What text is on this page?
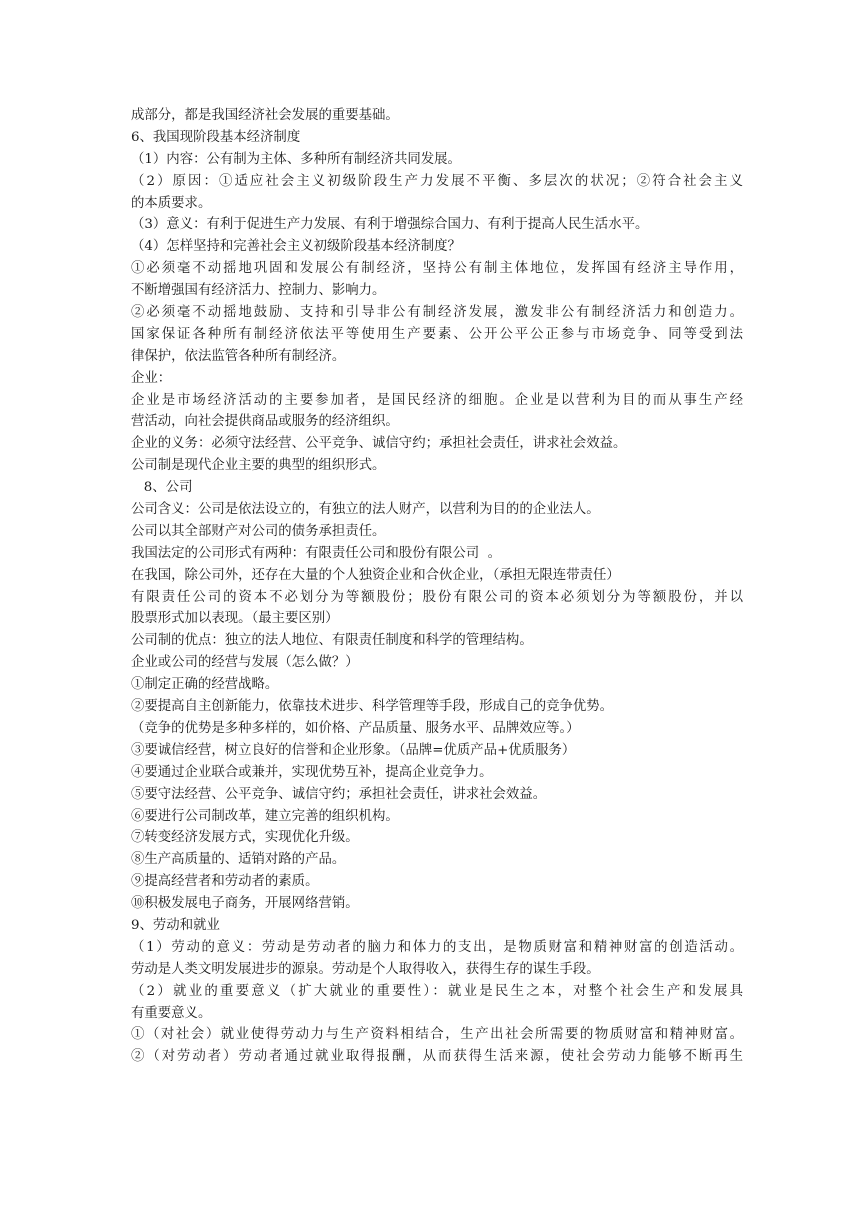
成部分，都是我国经济社会发展的重要基础。
6、我国现阶段基本经济制度
（1）内容：公有制为主体、多种所有制经济共同发展。
（2）原因：①适应社会主义初级阶段生产力发展不平衡、多层次的状况；②符合社会主义
的本质要求。
（3）意义：有利于促进生产力发展、有利于增强综合国力、有利于提高人民生活水平。
（4）怎样坚持和完善社会主义初级阶段基本经济制度？
①必须毫不动摇地巩固和发展公有制经济，坚持公有制主体地位，发挥国有经济主导作用，
不断增强国有经济活力、控制力、影响力。
②必须毫不动摇地鼓励、支持和引导非公有制经济发展，激发非公有制经济活力和创造力。
国家保证各种所有制经济依法平等使用生产要素、公开公平公正参与市场竞争、同等受到法
律保护，依法监管各种所有制经济。
企业：
企业是市场经济活动的主要参加者，是国民经济的细胞。企业是以营利为目的而从事生产经
营活动，向社会提供商品或服务的经济组织。
企业的义务：必须守法经营、公平竞争、诚信守约；承担社会责任，讲求社会效益。
公司制是现代企业主要的典型的组织形式。
8、公司
公司含义：公司是依法设立的，有独立的法人财产，以营利为目的的企业法人。
公司以其全部财产对公司的债务承担责任。
我国法定的公司形式有两种：有限责任公司和股份有限公司  。
在我国，除公司外，还存在大量的个人独资企业和合伙企业，（承担无限连带责任）
有限责任公司的资本不必划分为等额股份；股份有限公司的资本必须划分为等额股份，并以
股票形式加以表现。（最主要区别）
公司制的优点：独立的法人地位、有限责任制度和科学的管理结构。
企业或公司的经营与发展（怎么做？）
①制定正确的经营战略。
②要提高自主创新能力，依靠技术进步、科学管理等手段，形成自己的竞争优势。
（竞争的优势是多种多样的，如价格、产品质量、服务水平、品牌效应等。）
③要诚信经营，树立良好的信誉和企业形象。（品牌=优质产品+优质服务）
④要通过企业联合或兼并，实现优势互补，提高企业竞争力。
⑤要守法经营、公平竞争、诚信守约；承担社会责任，讲求社会效益。
⑥要进行公司制改革，建立完善的组织机构。
⑦转变经济发展方式，实现优化升级。
⑧生产高质量的、适销对路的产品。
⑨提高经营者和劳动者的素质。
⑩积极发展电子商务，开展网络营销。
9、劳动和就业
（1）劳动的意义：劳动是劳动者的脑力和体力的支出，是物质财富和精神财富的创造活动。
劳动是人类文明发展进步的源泉。劳动是个人取得收入，获得生存的谋生手段。
（2）就业的重要意义（扩大就业的重要性）：就业是民生之本，对整个社会生产和发展具
有重要意义。
①（对社会）就业使得劳动力与生产资料相结合，生产出社会所需要的物质财富和精神财富。
②（对劳动者）劳动者通过就业取得报酬，从而获得生活来源，使社会劳动力能够不断再生
